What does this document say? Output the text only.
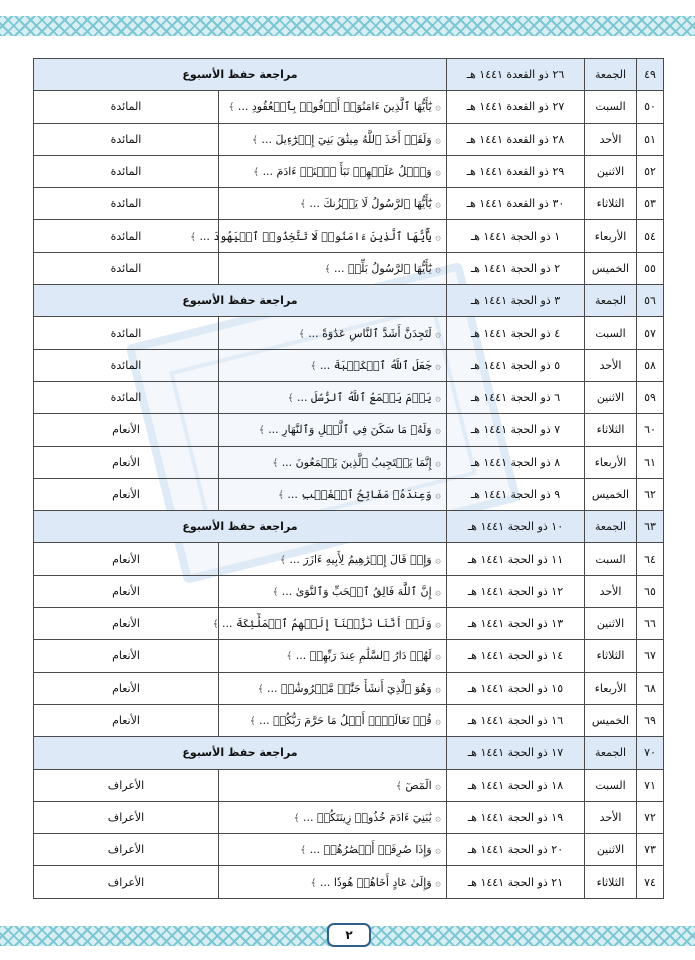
٤٩	الجمعة	٢٦ ذو القعدة ١٤٤١ هـ	مراجعة حفظ الأسبوع	
٥٠	السبت	٢٧ ذو القعدة ١٤٤١ هـ	۞ يَٰٓأَيُّهَا ٱلَّذِينَ ءَامَنُوٓا۟ أَوۡفُوا۟ بِٱلۡعُقُودِ ... ﴾	المائدة
٥١	الأحد	٢٨ ذو القعدة ١٤٤١ هـ	۞ وَلَقَدۡ أَخَذَ ٱللَّهُ مِيثَٰقَ بَنِيٓ إِسۡرَٰٓءِيلَ ... ﴾	المائدة
٥٢	الاثنين	٢٩ ذو القعدة ١٤٤١ هـ	۞ وَٱتۡلُ عَلَيۡهِمۡ نَبَأَ ٱبۡنَيۡ ءَادَمَ ... ﴾	المائدة
٥٣	الثلاثاء	٣٠ ذو القعدة ١٤٤١ هـ	۞ يَٰٓأَيُّهَا ٱلرَّسُولُ لَا يَحۡزُنكَ ... ﴾	المائدة
٥٤	الأربعاء	١ ذو الحجة ١٤٤١ هـ	۞ يَٰٓأَيُّهَا ٱلَّذِينَ ءَامَنُوا۟ لَا تَتَّخِذُوا۟ ٱلۡيَهُودَ ... ﴾	المائدة
٥٥	الخميس	٢ ذو الحجة ١٤٤١ هـ	۞ يَٰٓأَيُّهَا ٱلرَّسُولُ بَلِّغۡ ... ﴾	المائدة
٥٦	الجمعة	٣ ذو الحجة ١٤٤١ هـ	مراجعة حفظ الأسبوع	
٥٧	السبت	٤ ذو الحجة ١٤٤١ هـ	۞ لَتَجِدَنَّ أَشَدَّ ٱلنَّاسِ عَدَٰوَةً ... ﴾	المائدة
٥٨	الأحد	٥ ذو الحجة ١٤٤١ هـ	۞ جَعَلَ ٱللَّهُ ٱلۡكَعۡبَةَ ... ﴾	المائدة
٥٩	الاثنين	٦ ذو الحجة ١٤٤١ هـ	۞ يَوۡمَ يَجۡمَعُ ٱللَّهُ ٱلرُّسُلَ ... ﴾	المائدة
٦٠	الثلاثاء	٧ ذو الحجة ١٤٤١ هـ	۞ وَلَهُۥ مَا سَكَنَ فِي ٱلَّيۡلِ وَٱلنَّهَارِ ... ﴾	الأنعام
٦١	الأربعاء	٨ ذو الحجة ١٤٤١ هـ	۞ إِنَّمَا يَسۡتَجِيبُ ٱلَّذِينَ يَسۡمَعُونَ ... ﴾	الأنعام
٦٢	الخميس	٩ ذو الحجة ١٤٤١ هـ	۞ وَعِندَهُۥ مَفَاتِحُ ٱلۡغَيۡبِ ... ﴾	الأنعام
٦٣	الجمعة	١٠ ذو الحجة ١٤٤١ هـ	مراجعة حفظ الأسبوع	
٦٤	السبت	١١ ذو الحجة ١٤٤١ هـ	۞ وَإِذۡ قَالَ إِبۡرَٰهِيمُ لِأَبِيهِ ءَازَرَ ... ﴾	الأنعام
٦٥	الأحد	١٢ ذو الحجة ١٤٤١ هـ	۞ إِنَّ ٱللَّهَ فَالِقُ ٱلۡحَبِّ وَٱلنَّوَىٰ ... ﴾	الأنعام
٦٦	الاثنين	١٣ ذو الحجة ١٤٤١ هـ	۞ وَلَوۡ أَنَّنَا نَزَّلۡنَآ إِلَيۡهِمُ ٱلۡمَلَٰٓئِكَةَ ... ﴾	الأنعام
٦٧	الثلاثاء	١٤ ذو الحجة ١٤٤١ هـ	۞ لَهُمۡ دَارُ ٱلسَّلَٰمِ عِندَ رَبِّهِمۡ ... ﴾	الأنعام
٦٨	الأربعاء	١٥ ذو الحجة ١٤٤١ هـ	۞ وَهُوَ ٱلَّذِيٓ أَنشَأَ جَنَّٰتٖ مَّعۡرُوشَٰتٖ ... ﴾	الأنعام
٦٩	الخميس	١٦ ذو الحجة ١٤٤١ هـ	۞ قُلۡ تَعَالَوۡا۟ أَتۡلُ مَا حَرَّمَ رَبُّكُمۡ ... ﴾	الأنعام
٧٠	الجمعة	١٧ ذو الحجة ١٤٤١ هـ	مراجعة حفظ الأسبوع	
٧١	السبت	١٨ ذو الحجة ١٤٤١ هـ	۞ الٓمٓصٓ ﴾	الأعراف
٧٢	الأحد	١٩ ذو الحجة ١٤٤١ هـ	۞ يَٰبَنِيٓ ءَادَمَ خُذُوا۟ زِينَتَكُمۡ ... ﴾	الأعراف
٧٣	الاثنين	٢٠ ذو الحجة ١٤٤١ هـ	۞ وَإِذَا صُرِفَتۡ أَبۡصَٰرُهُمۡ ... ﴾	الأعراف
٧٤	الثلاثاء	٢١ ذو الحجة ١٤٤١ هـ	۞ وَإِلَىٰ عَادٍ أَخَاهُمۡ هُودٗا ... ﴾	الأعراف
٢
